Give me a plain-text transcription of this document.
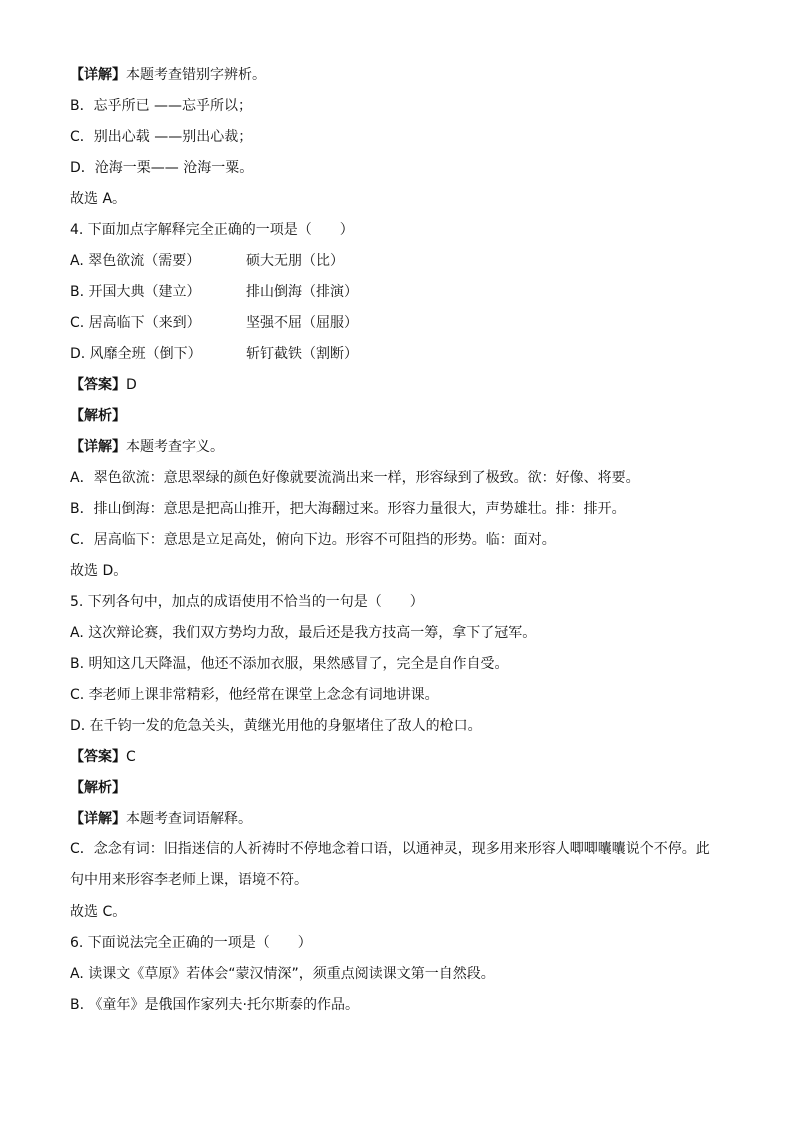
【详解】本题考查错别字辨析。
B．忘乎所已 ——忘乎所以；
C．别出心载 ——别出心裁；
D．沧海一栗—— 沧海一粟。
故选 A。
4. 下面加点字解释完全正确的一项是（　　）
A. 翠色欲流（需要）	硕大无朋（比）
B. 开国大典（建立）	排山倒海（排演）
C. 居高临下（来到）	坚强不屈（屈服）
D. 风靡全班（倒下）	斩钉截铁（割断）
【答案】D
【解析】
【详解】本题考查字义。
A．翠色欲流：意思翠绿的颜色好像就要流淌出来一样，形容绿到了极致。欲：好像、将要。
B．排山倒海：意思是把高山推开，把大海翻过来。形容力量很大，声势雄壮。排：排开。
C．居高临下：意思是立足高处，俯向下边。形容不可阻挡的形势。临：面对。
故选 D。
5. 下列各句中，加点的成语使用不恰当的一句是（　　）
A. 这次辩论赛，我们双方势均力敌，最后还是我方技高一筹，拿下了冠军。
B. 明知这几天降温，他还不添加衣服，果然感冒了，完全是自作自受。
C. 李老师上课非常精彩，他经常在课堂上念念有词地讲课。
D. 在千钧一发的危急关头，黄继光用他的身躯堵住了敌人的枪口。
【答案】C
【解析】
【详解】本题考查词语解释。
C．念念有词：旧指迷信的人祈祷时不停地念着口语，以通神灵，现多用来形容人唧唧囔囔说个不停。此句中用来形容李老师上课，语境不符。
故选 C。
6. 下面说法完全正确的一项是（　　）
A. 读课文《草原》若体会“蒙汉情深”，须重点阅读课文第一自然段。
B. 《童年》是俄国作家列夫·托尔斯泰的作品。
